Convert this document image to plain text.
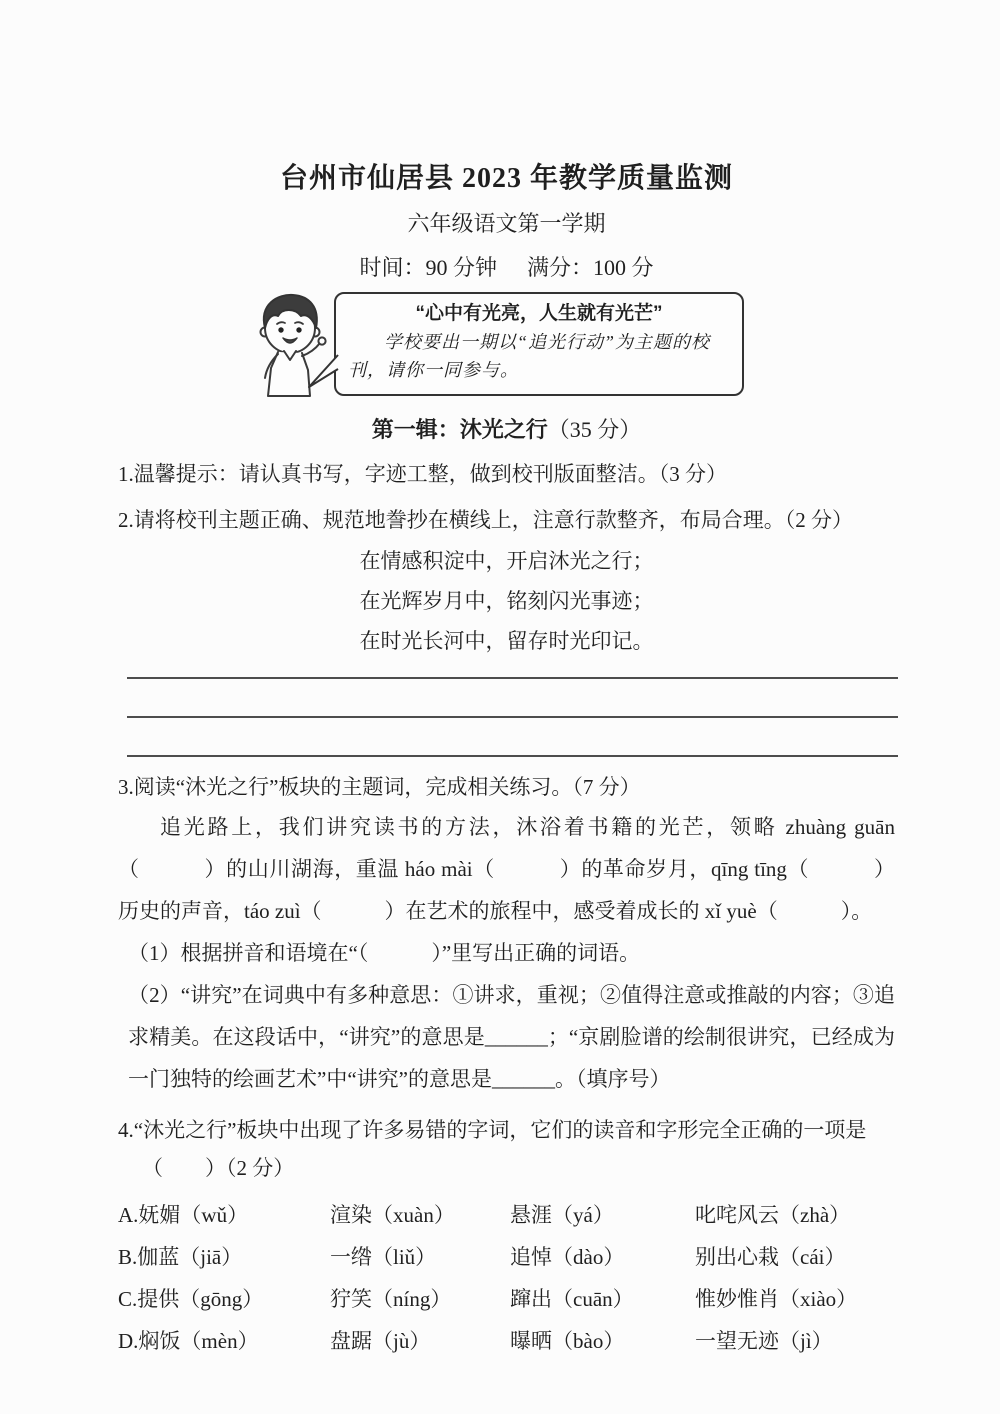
台州市仙居县 2023 年教学质量监测
六年级语文第一学期
时间：90 分钟 满分：100 分
“心中有光亮，人生就有光芒”
学校要出一期以“追光行动”为主题的校刊，请你一同参与。
第一辑：沐光之行（35 分）

1.温馨提示：请认真书写，字迹工整，做到校刊版面整洁。（3 分）

2.请将校刊主题正确、规范地誊抄在横线上，注意行款整齐，布局合理。（2 分）

在情感积淀中，开启沐光之行；
在光辉岁月中，铭刻闪光事迹；
在时光长河中，留存时光印记。

3.阅读“沐光之行”板块的主题词，完成相关练习。（7 分）

追光路上，我们讲究读书的方法，沐浴着书籍的光芒，领略 zhuàng guān（　　　）的山川湖海，重温 háo mài（　　　）的革命岁月，qīng tīng（　　　）历史的声音，táo zuì（　　　）在艺术的旅程中，感受着成长的 xǐ yuè（　　　）。

（1）根据拼音和语境在“（　　　）”里写出正确的词语。

（2）“讲究”在词典中有多种意思：①讲求，重视；②值得注意或推敲的内容；③追求精美。在这段话中，“讲究”的意思是______；“京剧脸谱的绘制很讲究，已经成为一门独特的绘画艺术”中“讲究”的意思是______。（填序号）

4.“沐光之行”板块中出现了许多易错的字词，它们的读音和字形完全正确的一项是

（　　）（2 分）
A.妩媚（wǔ）	渲染（xuàn）	悬涯（yá）	叱咤风云（zhà）
B.伽蓝（jiā）	一绺（liǔ）	追悼（dào）	别出心栽（cái）
C.提供（gōng）	狞笑（níng）	蹿出（cuān）	惟妙惟肖（xiào）
D.焖饭（mèn）	盘踞（jù）	曝晒（bào）	一望无迹（jì）
